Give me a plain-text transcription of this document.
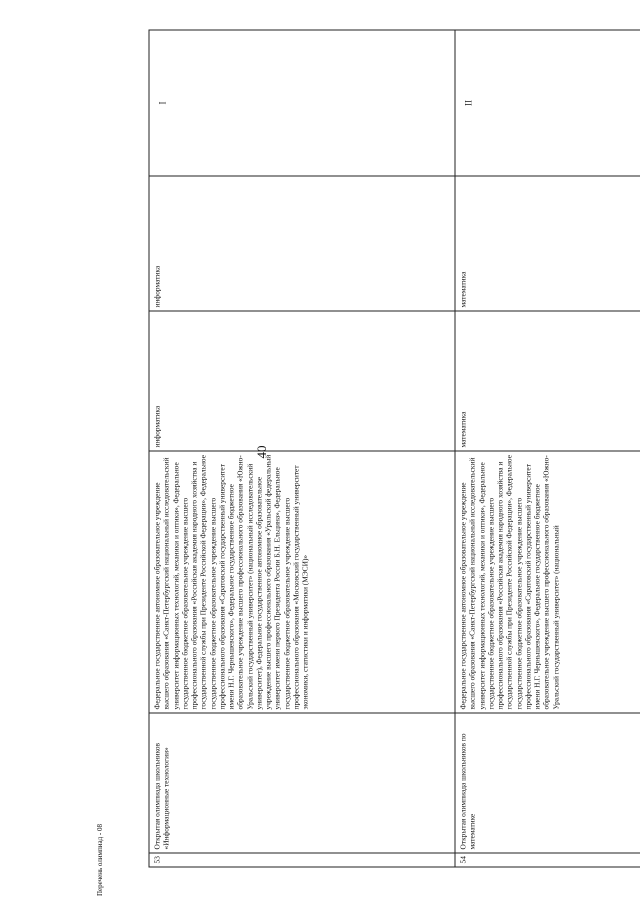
40
53	Открытая олимпиада школьников «Информационные технологии»	Федеральное государственное автономное образовательное учреждение высшего образования «Санкт-Петербургский национальный исследовательский университет информационных технологий, механики и оптики», Федеральное государственное бюджетное образовательное учреждение высшего профессионального образования «Российская академия народного хозяйства и государственной службы при Президенте Российской Федерации», Федеральное государственное бюджетное образовательное учреждение высшего профессионального образования «Саратовский государственный университет имени Н.Г. Чернышевского», Федеральное государственное бюджетное образовательное учреждение высшего профессионального образования «Южно-Уральский государственный университет» (национальный исследовательский университет), Федеральное государственное автономное образовательное учреждение высшего профессионального образования «Уральский федеральный университет имени первого Президента России Б.Н. Ельцина», Федеральное государственное бюджетное образовательное учреждение высшего профессионального образования «Московский государственный университет экономики, статистики и информатики (МЭСИ)»	информатика	информатика	I
54	Открытая олимпиада школьников по математике	Федеральное государственное автономное образовательное учреждение высшего образования «Санкт-Петербургский национальный исследовательский университет информационных технологий, механики и оптики», Федеральное государственное бюджетное образовательное учреждение высшего профессионального образования «Российская академия народного хозяйства и государственной службы при Президенте Российской Федерации», Федеральное государственное бюджетное образовательное учреждение высшего профессионального образования «Саратовский государственный университет имени Н.Г. Чернышевского», Федеральное государственное бюджетное образовательное учреждение высшего профессионального образования «Южно-Уральский государственный университет» (национальный	математика	математика	II
Перечень олимпиад - 08
